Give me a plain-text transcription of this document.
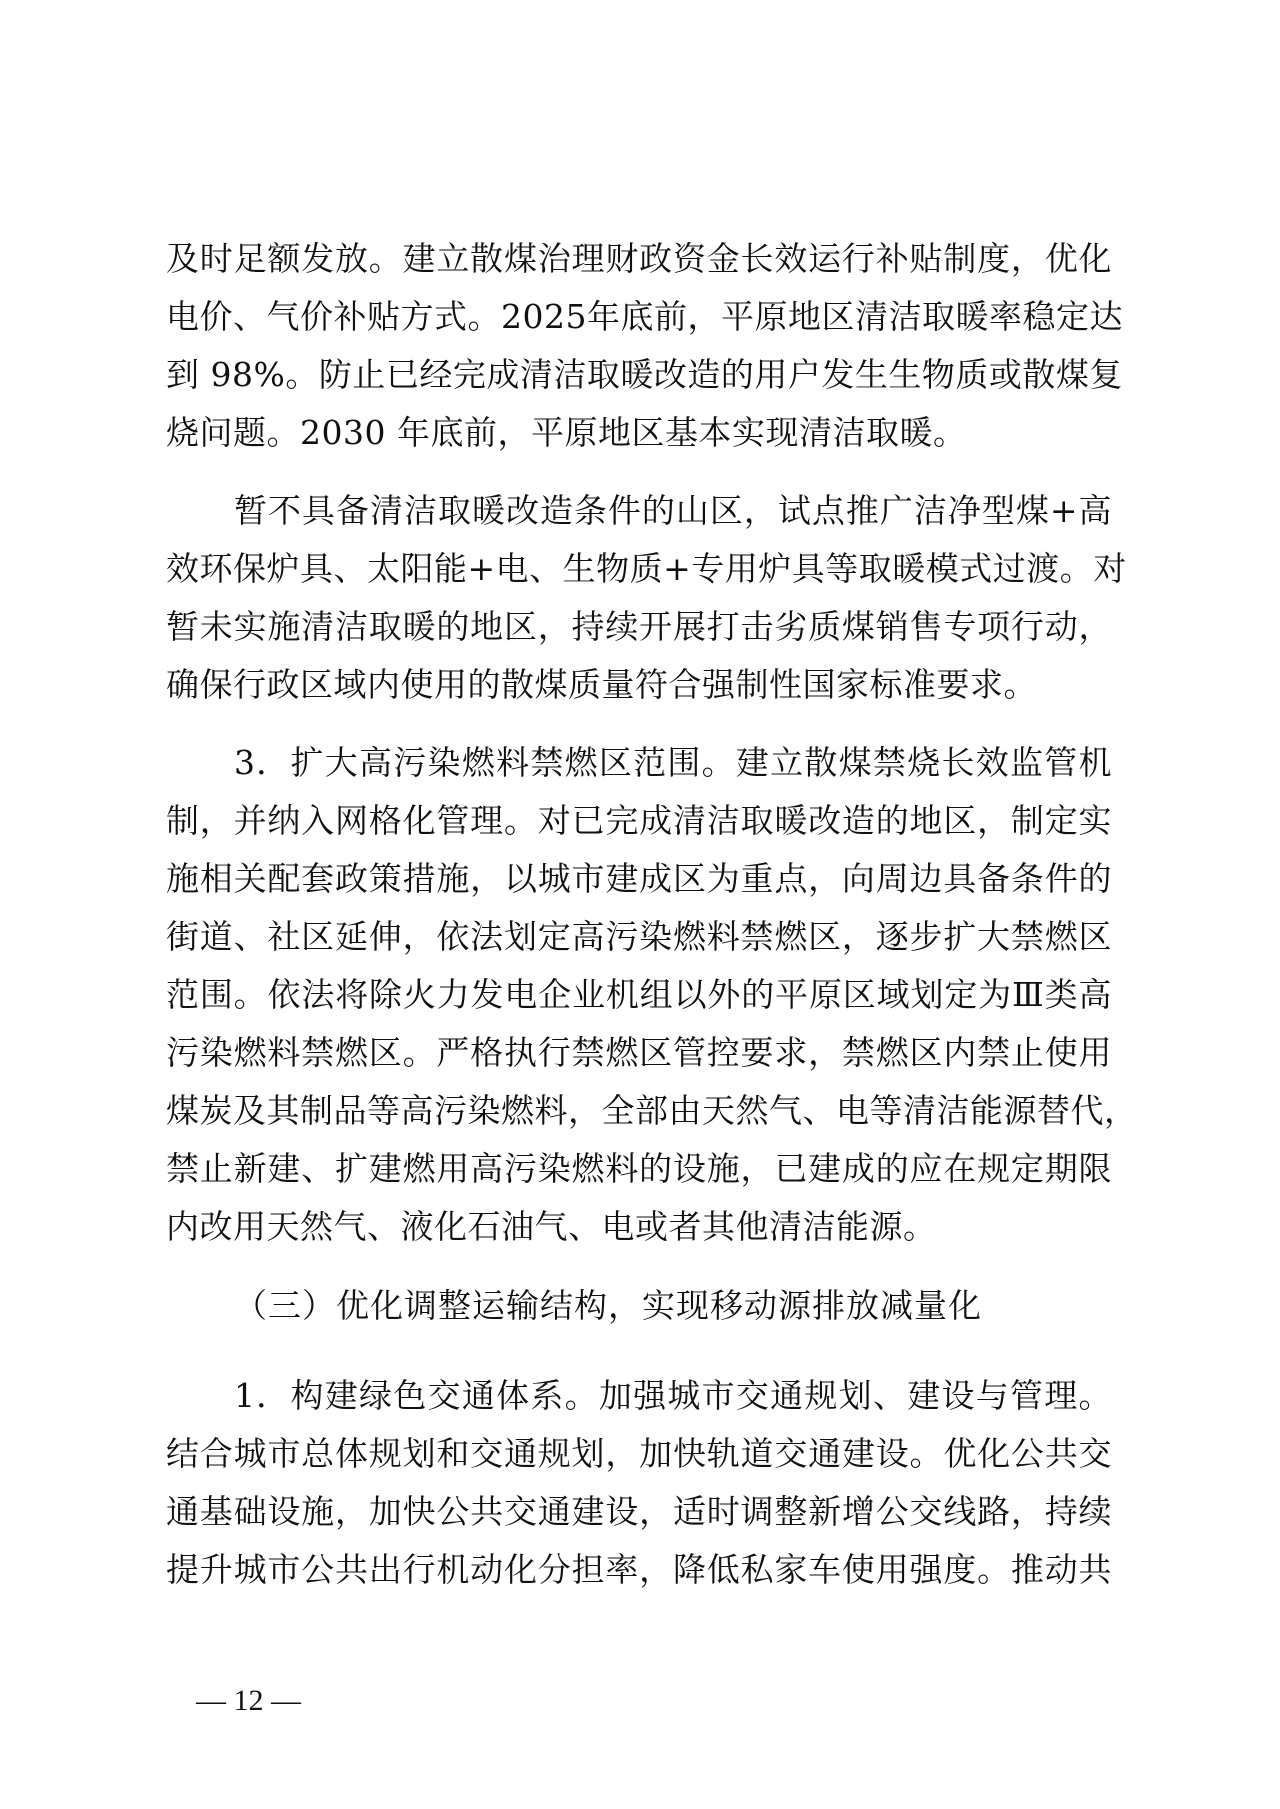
及时足额发放。建立散煤治理财政资金长效运行补贴制度，优化
电价、气价补贴方式。2025年底前，平原地区清洁取暖率稳定达
到 98%。防止已经完成清洁取暖改造的用户发生生物质或散煤复
烧问题。2030 年底前，平原地区基本实现清洁取暖。
暂不具备清洁取暖改造条件的山区，试点推广洁净型煤+高
效环保炉具、太阳能+电、生物质+专用炉具等取暖模式过渡。对
暂未实施清洁取暖的地区，持续开展打击劣质煤销售专项行动，
确保行政区域内使用的散煤质量符合强制性国家标准要求。
3．扩大高污染燃料禁燃区范围。建立散煤禁烧长效监管机
制，并纳入网格化管理。对已完成清洁取暖改造的地区，制定实
施相关配套政策措施，以城市建成区为重点，向周边具备条件的
街道、社区延伸，依法划定高污染燃料禁燃区，逐步扩大禁燃区
范围。依法将除火力发电企业机组以外的平原区域划定为Ⅲ类高
污染燃料禁燃区。严格执行禁燃区管控要求，禁燃区内禁止使用
煤炭及其制品等高污染燃料，全部由天然气、电等清洁能源替代，
禁止新建、扩建燃用高污染燃料的设施，已建成的应在规定期限
内改用天然气、液化石油气、电或者其他清洁能源。
（三）优化调整运输结构，实现移动源排放减量化
1．构建绿色交通体系。加强城市交通规划、建设与管理。
结合城市总体规划和交通规划，加快轨道交通建设。优化公共交
通基础设施，加快公共交通建设，适时调整新增公交线路，持续
提升城市公共出行机动化分担率，降低私家车使用强度。推动共
— 12 —
